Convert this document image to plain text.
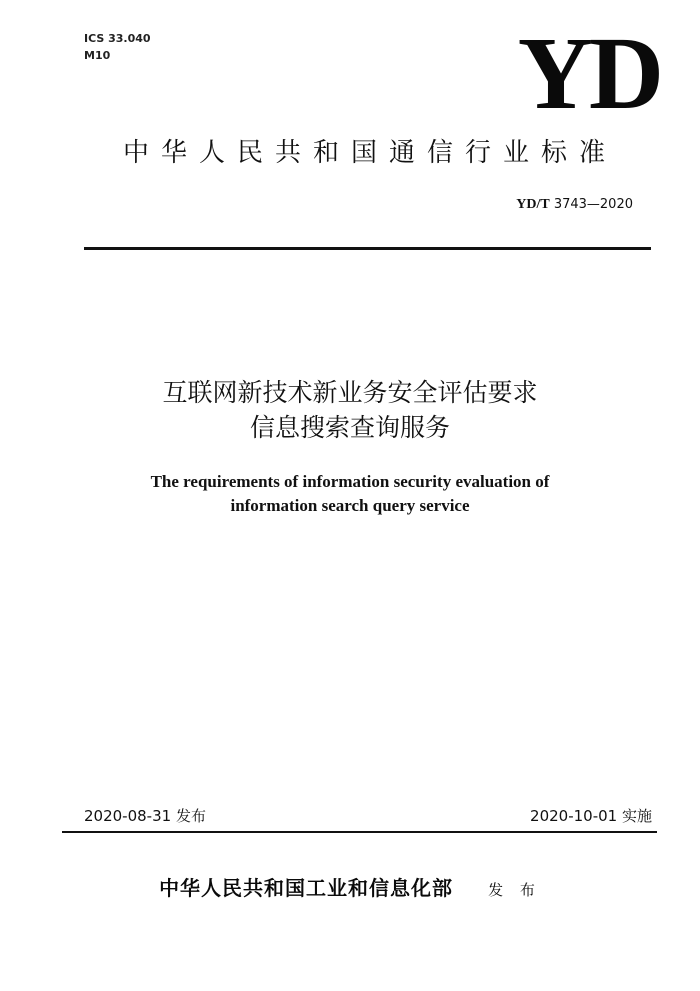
ICS 33.040
M10	YD
中华人民共和国通信行业标准
YD/T 3743—2020
互联网新技术新业务安全评估要求
信息搜索查询服务
The requirements of information security evaluation of
information search query service
2020-08-31 发布	2020-10-01 实施
中华人民共和国工业和信息化部 发 布
